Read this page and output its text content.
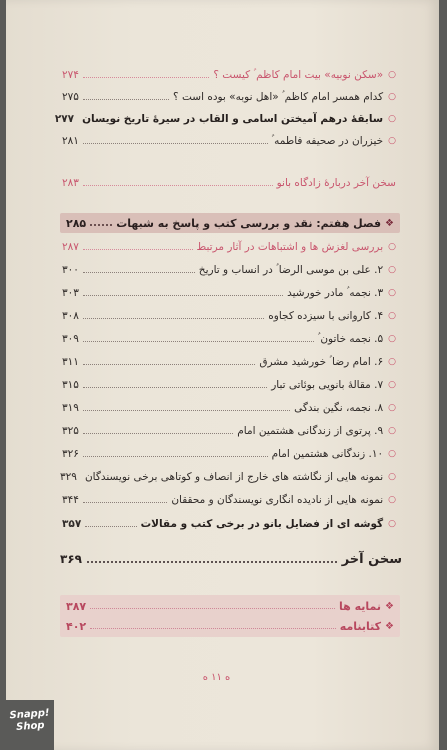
○
«سکن نوبیه» بیت امام کاظم ؑ کیست ؟
۲۷۴
○
کدام همسر امام کاظم ؑ «اهل نوبه» بوده است ؟
۲۷۵
○
سابقهٔ درهم آمیختن اسامی و القاب در سیرهٔ تاریخ نویسان
۲۷۷
○
خیزران در صحیفه فاطمه ؑ
۲۸۱
سخن آخر دربارهٔ زادگاه بانو
۲۸۳
❖
فصل هفتم: نقد و بررسی کتب و پاسخ به شبهات
۲۸۵
○
بررسی لغزش ها و اشتباهات در آثار مرتبط
۲۸۷
○
۲. علی بن موسی الرضا ؑ در انساب و تاریخ
۳۰۰
○
۳. نجمه ؑ مادر خورشید
۳۰۳
○
۴. کاروانی با سیزده کجاوه
۳۰۸
○
۵. نجمه خاتون ؑ
۳۰۹
○
۶. امام رضا ؑ خورشید مشرق
۳۱۱
○
۷. مقالهٔ بانویی بوئاتی تبار
۳۱۵
○
۸. نجمه، نگین بندگی
۳۱۹
○
۹. پرتوی از زندگانی هشتمین امام
۳۲۵
○
۱۰. زندگانی هشتمین امام
۳۲۶
○
نمونه هایی از نگاشته های خارج از انصاف و کوتاهی برخی نویسندگان
۳۲۹
○
نمونه هایی از نادیده انگاری نویسندگان و محققان
۳۴۴
○
گوشه ای از فضایل بانو در برخی کتب و مقالات
۳۵۷
سخن آخر
۳۶۹
❖
نمایه ها
۳۸۷
❖
کتابنامه
۴۰۲
ه ۱۱ ه
Snapp! Shop
